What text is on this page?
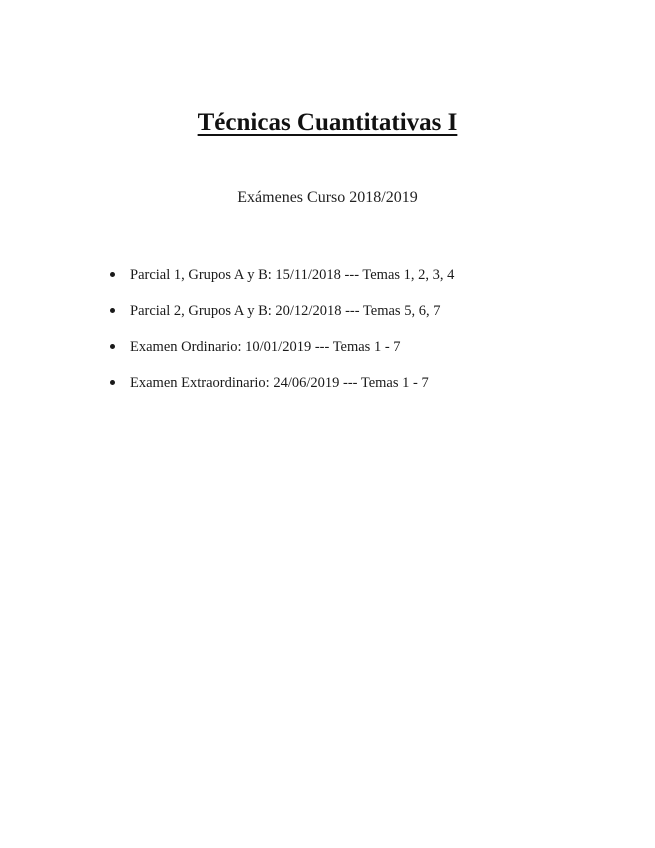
Técnicas Cuantitativas I

Exámenes Curso 2018/2019

Parcial 1, Grupos A y B: 15/11/2018 --- Temas 1, 2, 3, 4
Parcial 2, Grupos A y B: 20/12/2018 --- Temas 5, 6, 7
Examen Ordinario: 10/01/2019 --- Temas 1 - 7
Examen Extraordinario: 24/06/2019 --- Temas 1 - 7
